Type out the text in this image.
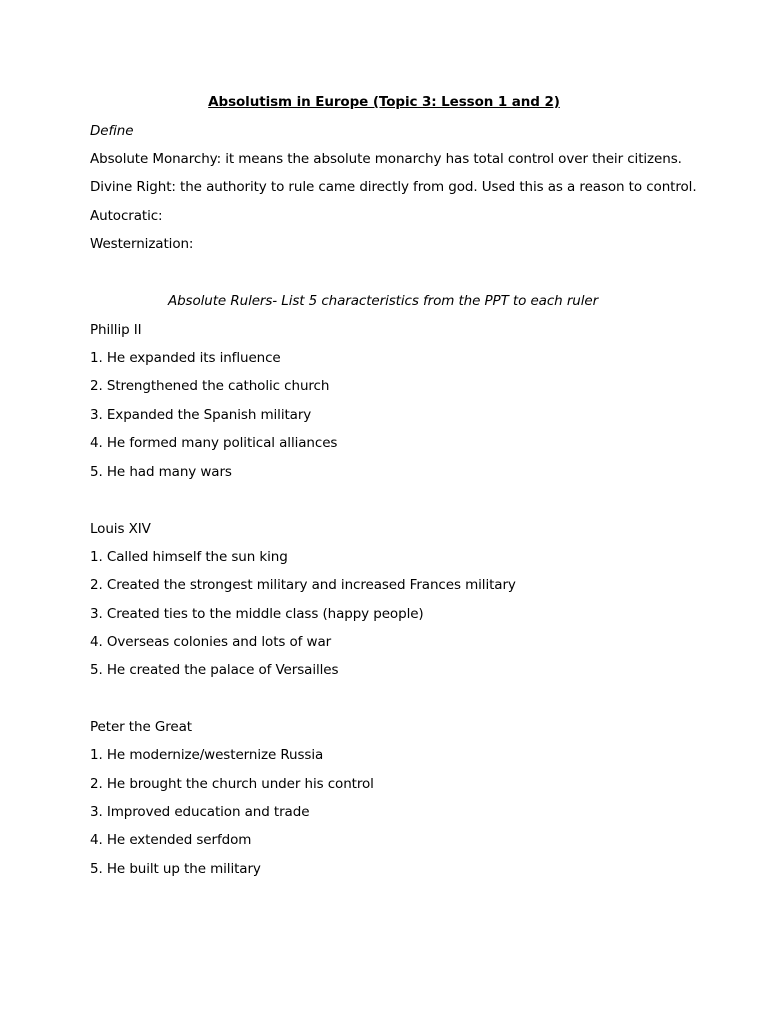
Absolutism in Europe (Topic 3: Lesson 1 and 2)
Define
Absolute Monarchy: it means the absolute monarchy has total control over their citizens.
Divine Right: the authority to rule came directly from god. Used this as a reason to control.
Autocratic:
Westernization:
Absolute Rulers- List 5 characteristics from the PPT to each ruler
Phillip II
1. He expanded its influence
2. Strengthened the catholic church
3. Expanded the Spanish military
4. He formed many political alliances
5. He had many wars
Louis XIV
1. Called himself the sun king
2. Created the strongest military and increased Frances military
3. Created ties to the middle class (happy people)
4. Overseas colonies and lots of war
5. He created the palace of Versailles
Peter the Great
1. He modernize/westernize Russia
2. He brought the church under his control
3. Improved education and trade
4. He extended serfdom
5. He built up the military
